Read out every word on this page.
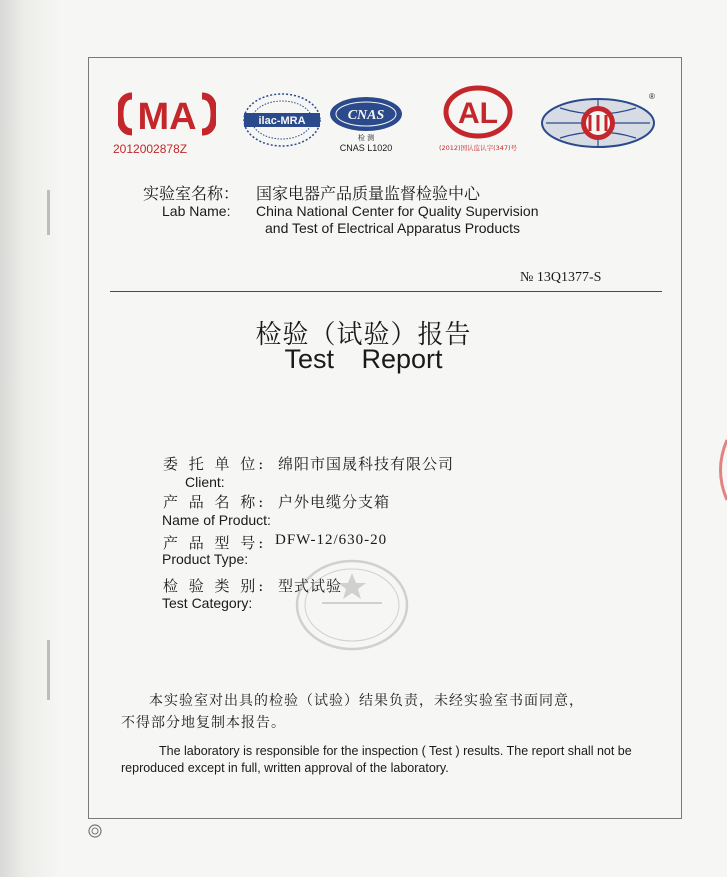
MA
2012002878Z
ilac-MRA	CNAS
检 测
CNAS L1020
AL
(2012)国认监认字(347)号
®
实验室名称： 国家电器产品质量监督检验中心
Lab Name: China National Center for Quality Supervision
and Test of Electrical Apparatus Products
№ 13Q1377-S
检验（试验）报告
Test Report
委 托 单 位: 绵阳市国晟科技有限公司
Client:
产 品 名 称: 户外电缆分支箱
Name of Product:
产 品 型 号: DFW-12/630-20
Product Type:
检 验 类 别: 型式试验
Test Category:
本实验室对出具的检验（试验）结果负责，未经实验室书面同意，
不得部分地复制本报告。
The laboratory is responsible for the inspection ( Test ) results. The report shall not be reproduced except in full, written approval of the laboratory.
